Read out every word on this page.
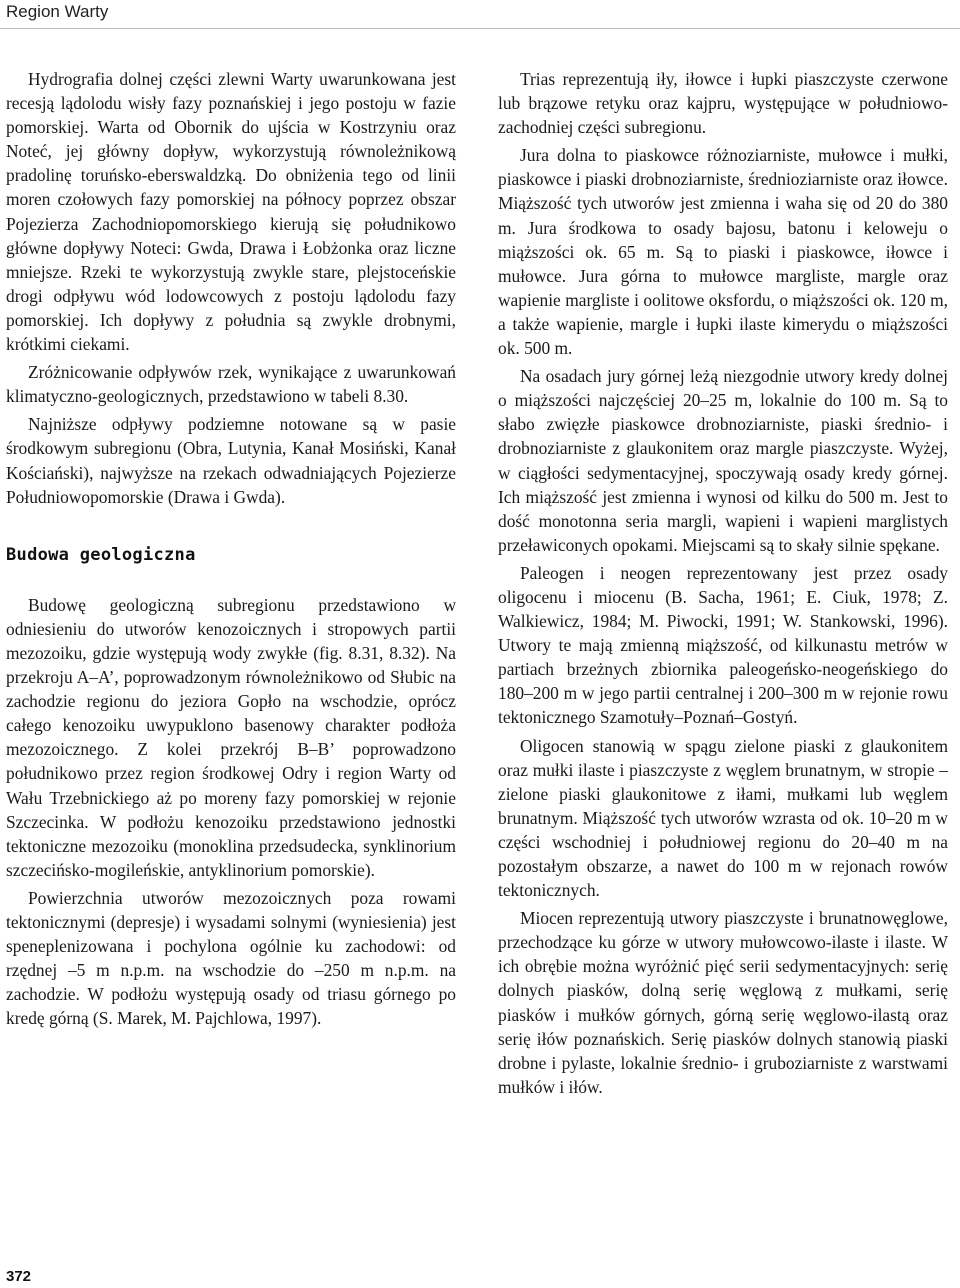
Region Warty

Hydrografia dolnej części zlewni Warty uwarunkowana jest recesją lądolodu wisły fazy poznańskiej i jego postoju w fazie pomorskiej. Warta od Obornik do ujścia w Kostrzyniu oraz Noteć, jej główny dopływ, wykorzystują równoleżnikową pradolinę toruńsko-eberswaldzką. Do obniżenia tego od linii moren czołowych fazy pomorskiej na północy poprzez obszar Pojezierza Zachodniopomorskiego kierują się południkowo główne dopływy Noteci: Gwda, Drawa i Łobżonka oraz liczne mniejsze. Rzeki te wykorzystują zwykle stare, plejstoceńskie drogi odpływu wód lodowcowych z postoju lądolodu fazy pomorskiej. Ich dopływy z południa są zwykle drobnymi, krótkimi ciekami.

Zróżnicowanie odpływów rzek, wynikające z uwarunkowań klimatyczno-geologicznych, przedstawiono w tabeli 8.30.

Najniższe odpływy podziemne notowane są w pasie środkowym subregionu (Obra, Lutynia, Kanał Mosiński, Kanał Kościański), najwyższe na rzekach odwadniających Pojezierze Południowopomorskie (Drawa i Gwda).

Budowa geologiczna

Budowę geologiczną subregionu przedstawiono w odniesieniu do utworów kenozoicznych i stropowych partii mezozoiku, gdzie występują wody zwykłe (fig. 8.31, 8.32). Na przekroju A–A’, poprowadzonym równoleżnikowo od Słubic na zachodzie regionu do jeziora Gopło na wschodzie, oprócz całego kenozoiku uwypuklono basenowy charakter podłoża mezozoicznego. Z kolei przekrój B–B’ poprowadzono południkowo przez region środkowej Odry i region Warty od Wału Trzebnickiego aż po moreny fazy pomorskiej w rejonie Szczecinka. W podłożu kenozoiku przedstawiono jednostki tektoniczne mezozoiku (monoklina przedsudecka, synklinorium szczecińsko-mogileńskie, antyklinorium pomorskie).

Powierzchnia utworów mezozoicznych poza rowami tektonicznymi (depresje) i wysadami solnymi (wyniesienia) jest speneplenizowana i pochylona ogólnie ku zachodowi: od rzędnej –5 m n.p.m. na wschodzie do –250 m n.p.m. na zachodzie. W podłożu występują osady od triasu górnego po kredę górną (S. Marek, M. Pajchlowa, 1997).

Trias reprezentują iły, iłowce i łupki piaszczyste czerwone lub brązowe retyku oraz kajpru, występujące w południowo-zachodniej części subregionu.

Jura dolna to piaskowce różnoziarniste, mułowce i mułki, piaskowce i piaski drobnoziarniste, średnioziarniste oraz iłowce. Miąższość tych utworów jest zmienna i waha się od 20 do 380 m. Jura środkowa to osady bajosu, batonu i keloweju o miąższości ok. 65 m. Są to piaski i piaskowce, iłowce i mułowce. Jura górna to mułowce margliste, margle oraz wapienie margliste i oolitowe oksfordu, o miąższości ok. 120 m, a także wapienie, margle i łupki ilaste kimerydu o miąższości ok. 500 m.

Na osadach jury górnej leżą niezgodnie utwory kredy dolnej o miąższości najczęściej 20–25 m, lokalnie do 100 m. Są to słabo zwięzłe piaskowce drobnoziarniste, piaski średnio- i drobnoziarniste z glaukonitem oraz margle piaszczyste. Wyżej, w ciągłości sedymentacyjnej, spoczywają osady kredy górnej. Ich miąższość jest zmienna i wynosi od kilku do 500 m. Jest to dość monotonna seria margli, wapieni i wapieni marglistych przeławiconych opokami. Miejscami są to skały silnie spękane.

Paleogen i neogen reprezentowany jest przez osady oligocenu i miocenu (B. Sacha, 1961; E. Ciuk, 1978; Z. Walkiewicz, 1984; M. Piwocki, 1991; W. Stankowski, 1996). Utwory te mają zmienną miąższość, od kilkunastu metrów w partiach brzeżnych zbiornika paleogeńsko-neogeńskiego do 180–200 m w jego partii centralnej i 200–300 m w rejonie rowu tektonicznego Szamotuły–Poznań–Gostyń.

Oligocen stanowią w spągu zielone piaski z glaukonitem oraz mułki ilaste i piaszczyste z węglem brunatnym, w stropie – zielone piaski glaukonitowe z iłami, mułkami lub węglem brunatnym. Miąższość tych utworów wzrasta od ok. 10–20 m w części wschodniej i południowej regionu do 20–40 m na pozostałym obszarze, a nawet do 100 m w rejonach rowów tektonicznych.

Miocen reprezentują utwory piaszczyste i brunatnowęglowe, przechodzące ku górze w utwory mułowcowo-ilaste i ilaste. W ich obrębie można wyróżnić pięć serii sedymentacyjnych: serię dolnych piasków, dolną serię węglową z mułkami, serię piasków i mułków górnych, górną serię węglowo-ilastą oraz serię iłów poznańskich. Serię piasków dolnych stanowią piaski drobne i pylaste, lokalnie średnio- i gruboziarniste z warstwami mułków i iłów.

372
